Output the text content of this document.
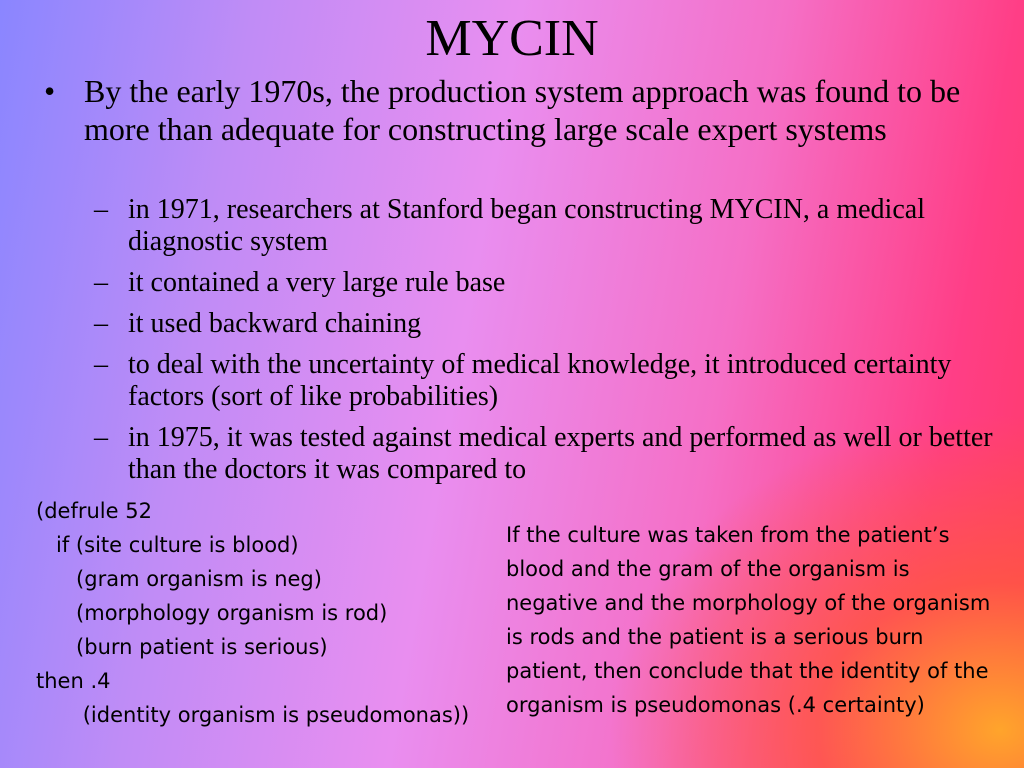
MYCIN
• By the early 1970s, the production system approach was found to be more than adequate for constructing large scale expert systems
– in 1971, researchers at Stanford began constructing MYCIN, a medical diagnostic system
– it contained a very large rule base
– it used backward chaining
– to deal with the uncertainty of medical knowledge, it introduced certainty factors (sort of like probabilities)
– in 1975, it was tested against medical experts and performed as well or better than the doctors it was compared to
(defrule 52
if (site culture is blood)
(gram organism is neg)
(morphology organism is rod)
(burn patient is serious)
then .4
(identity organism is pseudomonas))
If the culture was taken from the patient’s
blood and the gram of the organism is
negative and the morphology of the organism
is rods and the patient is a serious burn
patient, then conclude that the identity of the
organism is pseudomonas (.4 certainty)
